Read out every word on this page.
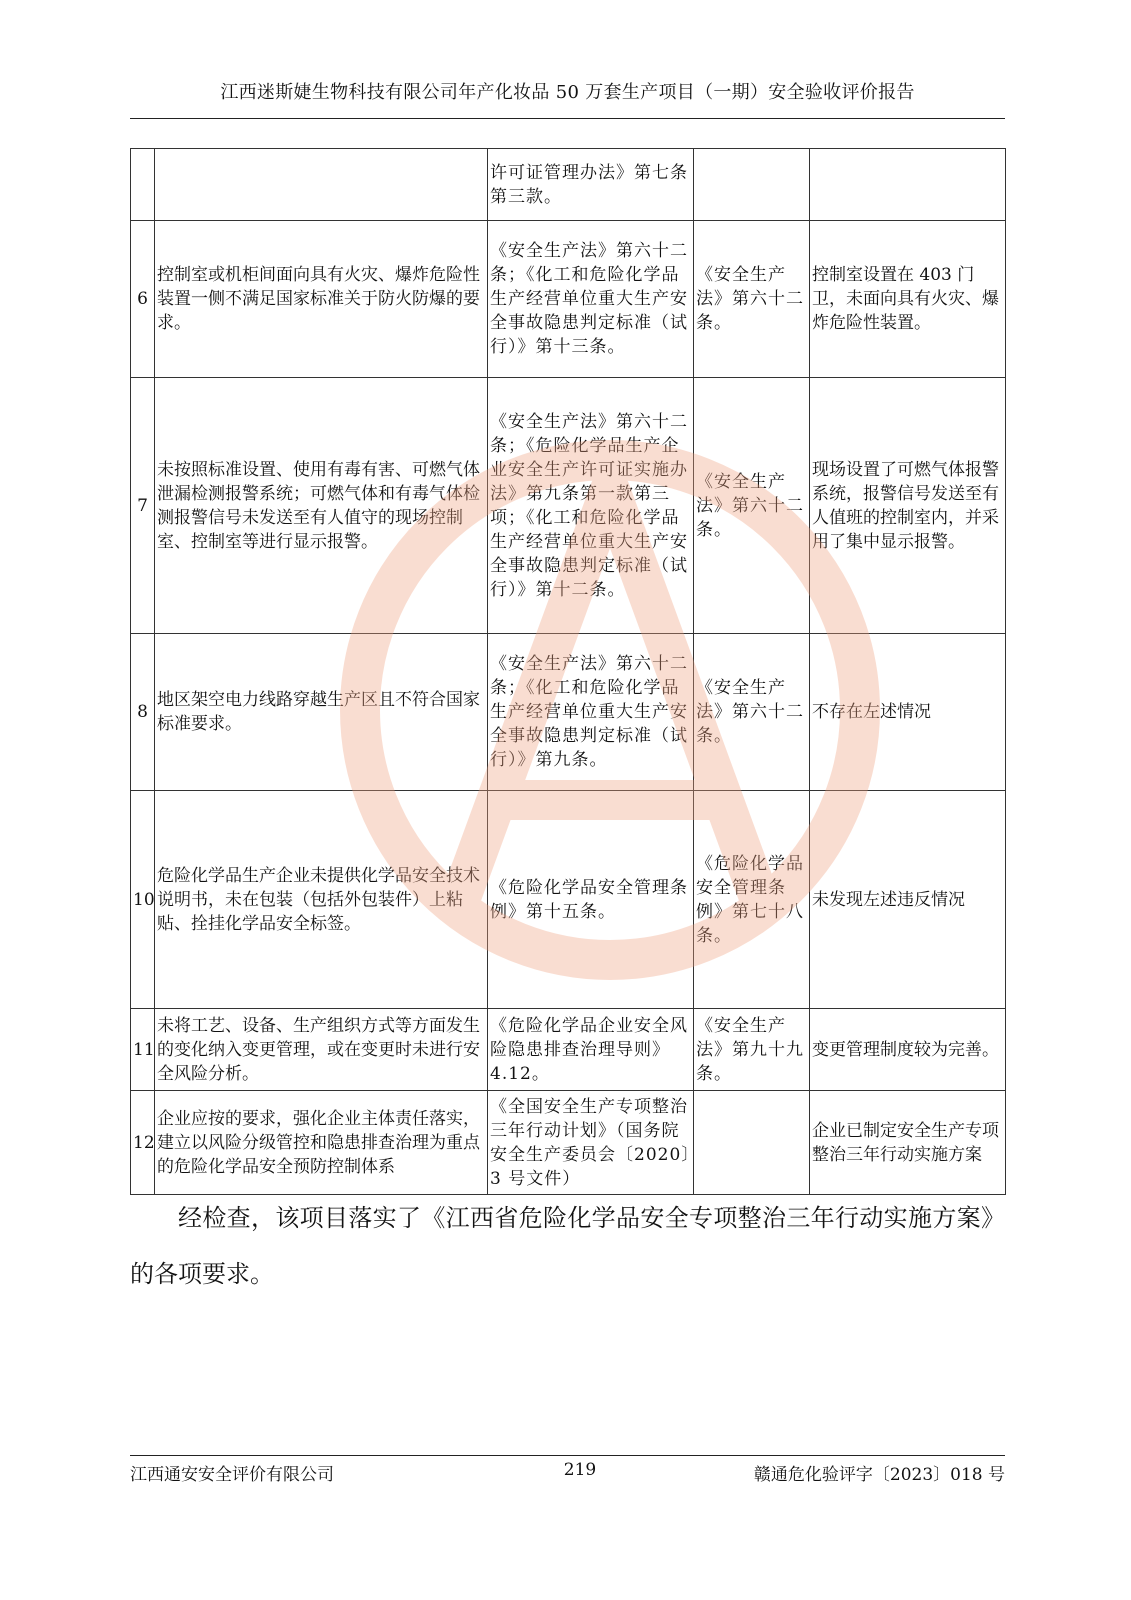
江西迷斯婕生物科技有限公司年产化妆品 50 万套生产项目（一期）安全验收评价报告
		许可证管理办法》第七条第三款。		
6	控制室或机柜间面向具有火灾、爆炸危险性装置一侧不满足国家标准关于防火防爆的要求。	《安全生产法》第六十二条；《化工和危险化学品生产经营单位重大生产安全事故隐患判定标准（试行）》第十三条。	《安全生产法》第六十二条。	控制室设置在 403 门卫，未面向具有火灾、爆炸危险性装置。
7	未按照标准设置、使用有毒有害、可燃气体泄漏检测报警系统；可燃气体和有毒气体检测报警信号未发送至有人值守的现场控制室、控制室等进行显示报警。	《安全生产法》第六十二条；《危险化学品生产企业安全生产许可证实施办法》第九条第一款第三项；《化工和危险化学品生产经营单位重大生产安全事故隐患判定标准（试行）》第十二条。	《安全生产法》第六十二条。	现场设置了可燃气体报警系统，报警信号发送至有人值班的控制室内，并采用了集中显示报警。
8	地区架空电力线路穿越生产区且不符合国家标准要求。	《安全生产法》第六十二条；《化工和危险化学品生产经营单位重大生产安全事故隐患判定标准（试行）》第九条。	《安全生产法》第六十二条。	不存在左述情况
10	危险化学品生产企业未提供化学品安全技术说明书，未在包装（包括外包装件）上粘贴、拴挂化学品安全标签。	《危险化学品安全管理条例》第十五条。	《危险化学品安全管理条例》第七十八条。	未发现左述违反情况
11	未将工艺、设备、生产组织方式等方面发生的变化纳入变更管理，或在变更时未进行安全风险分析。	《危险化学品企业安全风险隐患排查治理导则》4.12。	《安全生产法》第九十九条。	变更管理制度较为完善。
12	企业应按的要求，强化企业主体责任落实，建立以风险分级管控和隐患排查治理为重点的危险化学品安全预防控制体系	《全国安全生产专项整治三年行动计划》（国务院安全生产委员会〔2020〕3 号文件）		企业已制定安全生产专项整治三年行动实施方案
经检查，该项目落实了《江西省危险化学品安全专项整治三年行动实施方案》的各项要求。
江西通安安全评价有限公司	219	赣通危化验评字〔2023〕018 号
